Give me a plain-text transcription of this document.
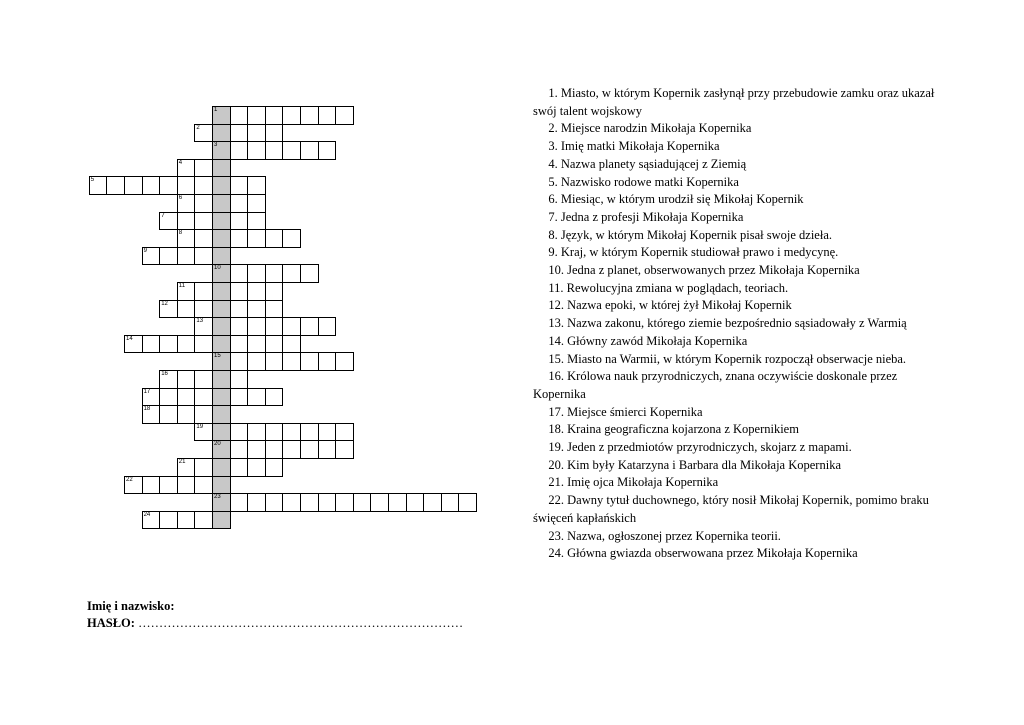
1
2
3
4
5
6
7
8
9
10
11
12
13
14
15
16
17
18
19
20
21
22
23
24

1. Miasto, w którym Kopernik zasłynął przy przebudowie zamku oraz ukazał swój talent wojskowy

2. Miejsce narodzin Mikołaja Kopernika

3. Imię matki Mikołaja Kopernika

4. Nazwa planety sąsiadującej z Ziemią

5. Nazwisko rodowe matki Kopernika

6. Miesiąc, w którym urodził się Mikołaj Kopernik

7. Jedna z profesji Mikołaja Kopernika

8. Język, w którym Mikołaj Kopernik pisał swoje dzieła.

9. Kraj, w którym Kopernik studiował prawo i medycynę.

10. Jedna z planet, obserwowanych przez Mikołaja Kopernika

11. Rewolucyjna zmiana w poglądach, teoriach.

12. Nazwa epoki, w której żył Mikołaj Kopernik

13. Nazwa zakonu, którego ziemie bezpośrednio sąsiadowały z Warmią

14. Główny zawód Mikołaja Kopernika

15. Miasto na Warmii, w którym Kopernik rozpoczął obserwacje nieba.

16. Królowa nauk przyrodniczych, znana oczywiście doskonale przez Kopernika

17. Miejsce śmierci Kopernika

18. Kraina geograficzna kojarzona z Kopernikiem

19. Jeden z przedmiotów przyrodniczych, skojarz z mapami.

20. Kim były Katarzyna i Barbara dla Mikołaja Kopernika

21. Imię ojca Mikołaja Kopernika

22. Dawny tytuł duchownego, który nosił Mikołaj Kopernik, pomimo braku święceń kapłańskich

23. Nazwa, ogłoszonej przez Kopernika teorii.

24. Główna gwiazda obserwowana przez Mikołaja Kopernika

Imię i nazwisko:
HASŁO: ……………………………………………………………………
